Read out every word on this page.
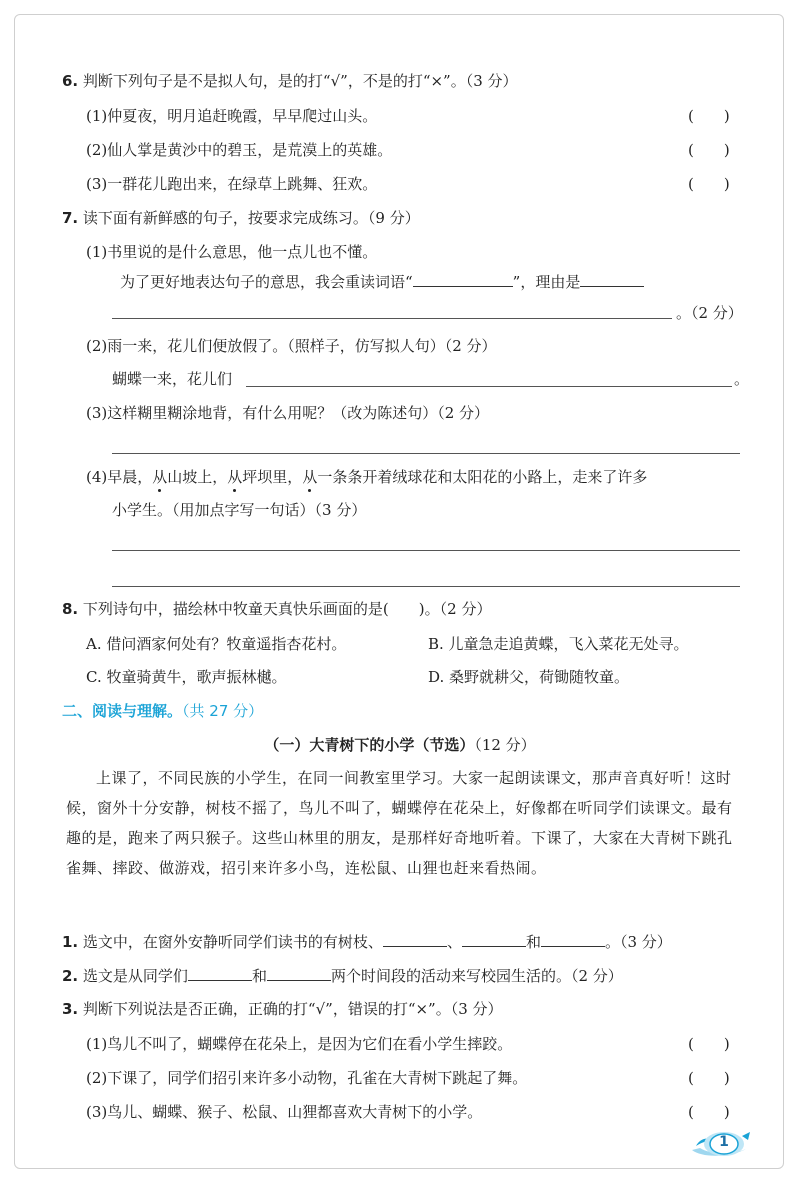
6. 判断下列句子是不是拟人句，是的打“√”，不是的打“×”。（3 分）
(1)仲夏夜，明月追赶晚霞，早早爬过山头。	(　　)
(2)仙人掌是黄沙中的碧玉，是荒漠上的英雄。	(　　)
(3)一群花儿跑出来，在绿草上跳舞、狂欢。	(　　)
7. 读下面有新鲜感的句子，按要求完成练习。（9 分）
(1)书里说的是什么意思，他一点儿也不懂。
为了更好地表达句子的意思，我会重读词语“	”，理由是
。（2 分）
(2)雨一来，花儿们便放假了。（照样子，仿写拟人句）（2 分）
蝴蝶一来，花儿们	。
(3)这样糊里糊涂地背，有什么用呢？（改为陈述句）（2 分）
(4)早晨，从山坡上，从坪坝里，从一条条开着绒球花和太阳花的小路上，走来了许多
小学生。（用加点字写一句话）（3 分）
8. 下列诗句中，描绘林中牧童天真快乐画面的是(　　)。（2 分）
A. 借问酒家何处有？牧童遥指杏花村。	B. 儿童急走追黄蝶，飞入菜花无处寻。
C. 牧童骑黄牛，歌声振林樾。	D. 桑野就耕父，荷锄随牧童。
二、阅读与理解。（共 27 分）
（一）大青树下的小学（节选）（12 分）
上课了，不同民族的小学生，在同一间教室里学习。大家一起朗读课文，那声音真好听！这时候，窗外十分安静，树枝不摇了，鸟儿不叫了，蝴蝶停在花朵上，好像都在听同学们读课文。最有趣的是，跑来了两只猴子。这些山林里的朋友，是那样好奇地听着。下课了，大家在大青树下跳孔雀舞、摔跤、做游戏，招引来许多小鸟，连松鼠、山狸也赶来看热闹。
1. 选文中，在窗外安静听同学们读书的有树枝、	、	和	。（3 分）
2. 选文是从同学们	和	两个时间段的活动来写校园生活的。（2 分）
3. 判断下列说法是否正确，正确的打“√”，错误的打“×”。（3 分）
(1)鸟儿不叫了，蝴蝶停在花朵上，是因为它们在看小学生摔跤。	(　　)
(2)下课了，同学们招引来许多小动物，孔雀在大青树下跳起了舞。	(　　)
(3)鸟儿、蝴蝶、猴子、松鼠、山狸都喜欢大青树下的小学。	(　　)
1
